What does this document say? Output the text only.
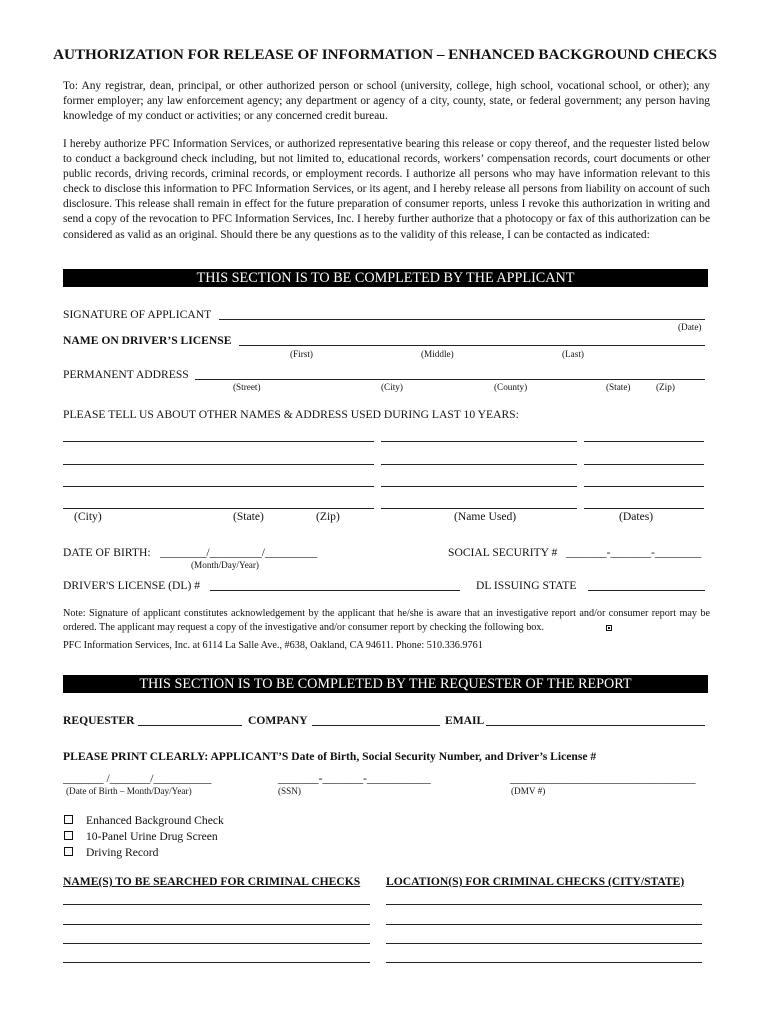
AUTHORIZATION FOR RELEASE OF INFORMATION – ENHANCED BACKGROUND CHECKS
To: Any registrar, dean, principal, or other authorized person or school (university, college, high school, vocational school, or other); any former employer; any law enforcement agency; any department or agency of a city, county, state, or federal government; any person having knowledge of my conduct or activities; or any concerned credit bureau.
I hereby authorize PFC Information Services, or authorized representative bearing this release or copy thereof, and the requester listed below to conduct a background check including, but not limited to, educational records, workers’ compensation records, court documents or other public records, driving records, criminal records, or employment records. I authorize all persons who may have information relevant to this check to disclose this information to PFC Information Services, or its agent, and I hereby release all persons from liability on account of such disclosure. This release shall remain in effect for the future preparation of consumer reports, unless I revoke this authorization in writing and send a copy of the revocation to PFC Information Services, Inc. I hereby further authorize that a photocopy or fax of this authorization can be considered as valid as an original. Should there be any questions as to the validity of this release, I can be contacted as indicated:
THIS SECTION IS TO BE COMPLETED BY THE APPLICANT
SIGNATURE OF APPLICANT
(Date)
NAME ON DRIVER’S LICENSE
(First)	(Middle)	(Last)
PERMANENT ADDRESS
(Street)	(City)	(County)	(State)	(Zip)
PLEASE TELL US ABOUT OTHER NAMES & ADDRESS USED DURING LAST 10 YEARS:
(City)	(State)	(Zip)	(Name Used)	(Dates)
DATE OF BIRTH: ________/_________/_________
(Month/Day/Year)
SOCIAL SECURITY # _______-_______-________
DRIVER'S LICENSE (DL) #	DL ISSUING STATE
Note: Signature of applicant constitutes acknowledgement by the applicant that he/she is aware that an investigative report and/or consumer report may be ordered. The applicant may request a copy of the investigative and/or consumer report by checking the following box.
PFC Information Services, Inc. at 6114 La Salle Ave., #638, Oakland, CA 94611. Phone: 510.336.9761
THIS SECTION IS TO BE COMPLETED BY THE REQUESTER OF THE REPORT
REQUESTER	COMPANY	EMAIL
PLEASE PRINT CLEARLY: APPLICANT’S Date of Birth, Social Security Number, and Driver’s License #
_______ /_______/__________	_______-_______-___________	________________________________
(Date of Birth – Month/Day/Year)	(SSN)	(DMV #)
Enhanced Background Check
10-Panel Urine Drug Screen
Driving Record
NAME(S) TO BE SEARCHED FOR CRIMINAL CHECKS LOCATION(S) FOR CRIMINAL CHECKS (CITY/STATE)
